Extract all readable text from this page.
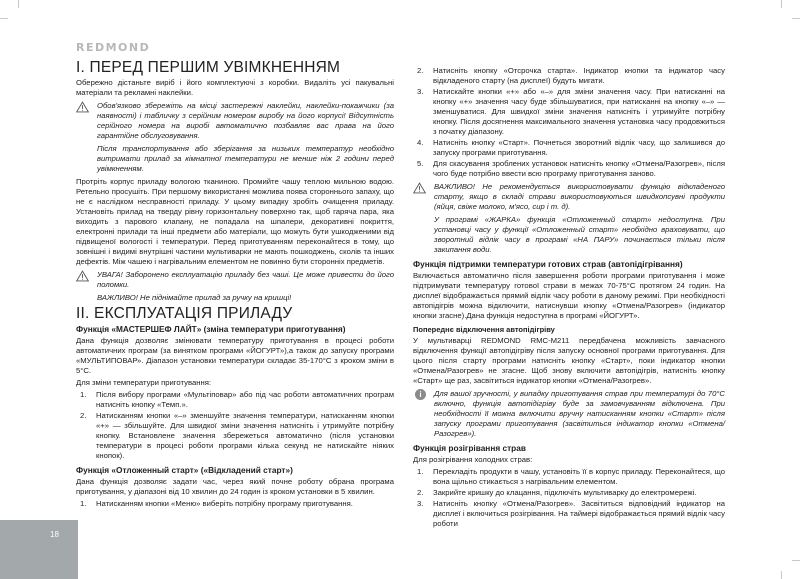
REDMOND
I. ПЕРЕД ПЕРШИМ УВІМКНЕННЯМ

Обережно дістаньте виріб і його комплектуючі з коробки. Видаліть усі пакувальні матеріали та рекламні наклейки.

Обов'язково збережіть на місці застережні наклейки, наклейки-покажчики (за наявності) і табличку з серійним номером виробу на його корпусі! Відсутність серійного номера на виробі автоматично позбавляє вас права на його гарантійне обслуговування.

Після транспортування або зберігання за низьких температур необхідно витримати прилад за кімнатної температури не менше ніж 2 години перед увімкненням.

Протріть корпус приладу вологою тканиною. Промийте чашу теплою мильною водою. Ретельно просушіть. При першому використанні можлива поява стороннього запаху, що не є наслідком несправності приладу. У цьому випадку зробіть очищення приладу. Установіть прилад на тверду рівну горизонтальну поверхню так, щоб гаряча пара, яка виходить з парового клапану, не попадала на шпалери, декоративні покриття, електронні прилади та інші предмети або матеріали, що можуть бути ушкодженими від підвищеної вологості і температури. Перед приготуванням переконайтеся в тому, що зовнішні і видимі внутрішні частини мультиварки не мають пошкоджень, сколів та інших дефектів. Між чашею і нагрівальним елементом не повинно бути сторонніх предметів.

УВАГА! Заборонено експлуатацію приладу без чаші. Це може привести до його поломки.

ВАЖЛИВО! Не піднімайте прилад за ручку на кришці!

II. ЕКСПЛУАТАЦІЯ ПРИЛАДУ
Функція «МАСТЕРШЕФ ЛАЙТ» (зміна температури приготування)

Дана функція дозволяє змінювати температуру приготування в процесі роботи автоматичних програм (за винятком програми «ЙОГУРТ»),а також до запуску програми «МУЛЬТИПОВАР». Діапазон установки температури складає 35-170°С з кроком зміни в 5°С.

Для зміни температури приготування:

1. Після вибору програми «Мультіповар» або під час роботи автоматичних програм натисніть кнопку «Темп.».
2. Натисканням кнопки «–» зменшуйте значення температури, натисканням кнопки «+» — збільшуйте. Для швидкої зміни значення натисніть і утримуйте потрібну кнопку. Встановлене значення збережеться автоматично (після установки температури в процесі роботи програми кілька секунд не натискайте ніяких кнопок).
Функція «Отложенный старт» («Відкладений старт»)

Дана функція дозволяє задати час, через який почне роботу обрана програма приготування, у діапазоні від 10 хвилин до 24 годин із кроком установки в 5 хвилин.

1. Натисканням кнопки «Меню» виберіть потрібну програму приготування.
2. Натисніть кнопку «Отсрочка старта». Індикатор кнопки та індикатор часу відкладеного старту (на дисплеї) будуть мигати.
3. Натискайте кнопки «+» або «–» для зміни значення часу. При натисканні на кнопку «+» значення часу буде збільшуватися, при натисканні на кнопку «–» — зменшуватися. Для швидкої зміни значення натисніть і утримуйте потрібну кнопку. Після досягнення максимального значення установка часу продовжиться з початку діапазону.
4. Натисніть кнопку «Старт». Почнеться зворотний відлік часу, що залишився до запуску програми приготування.
5. Для скасування зроблених установок натисніть кнопку «Отмена/Разогрев», після чого буде потрібно ввести всю програму приготування заново.

ВАЖЛИВО! Не рекомендується використовувати функцію відкладеного старту, якщо в складі страви використовуються швидкопсувні продукти (яйця, свіже молоко, м'ясо, сир і т. д).

У програмі «ЖАРКА» функція «Отложенный старт» недоступна. При установці часу у функції «Отложенный старт» необхідно враховувати, що зворотний відлік часу в програмі «НА ПАРУ» починається тільки після закипання води.

Функція підтримки температури готових страв (автопідігрівання)

Включається автоматично після завершення роботи програми приготування і може підтримувати температуру готової страви в межах 70-75°С протягом 24 годин. На дисплеї відображається прямий відлік часу роботи в даному режимі. При необхідності автопідігрів можна відключити, натиснувши кнопку «Отмена/Разогрев» (індикатор кнопки згасне).Дана функція недоступна в програмі «ЙОГУРТ».

Попереднє відключення автопідігріву

У мультиварці REDMOND RMC-M211 передбачена можливість завчасного відключення функції автопідігріву після запуску основної програми приготування. Для цього після старту програми натисніть кнопку «Старт», поки індикатор кнопки «Отмена/Разогрев» не згасне. Щоб знову включити автопідігрів, натисніть кнопку «Старт» ще раз, засвітиться індикатор кнопки «Отмена/Разогрев».

i	Для вашої зручності, у випадку приготування страв при температурі до 70°С включно, функція автопідігріву буде за замовчуванням відключена. При необхідності її можна включити вручну натисканням кнопки «Старт» після запуску програми приготування (засвітиться індикатор кнопки «Отмена/Разогрев»).

Функція розігрівання страв

Для розігрівання холодних страв:

1. Перекладіть продукти в чашу, установіть її в корпус приладу. Переконайтеся, що вона щільно стикається з нагрівальним елементом.
2. Закрийте кришку до клацання, підключіть мультиварку до електромережі.
3. Натисніть кнопку «Отмена/Разогрев». Засвітиться відповідний індикатор на дисплеї і включиться розігрівання. На таймері відображається прямий відлік часу роботи
18
